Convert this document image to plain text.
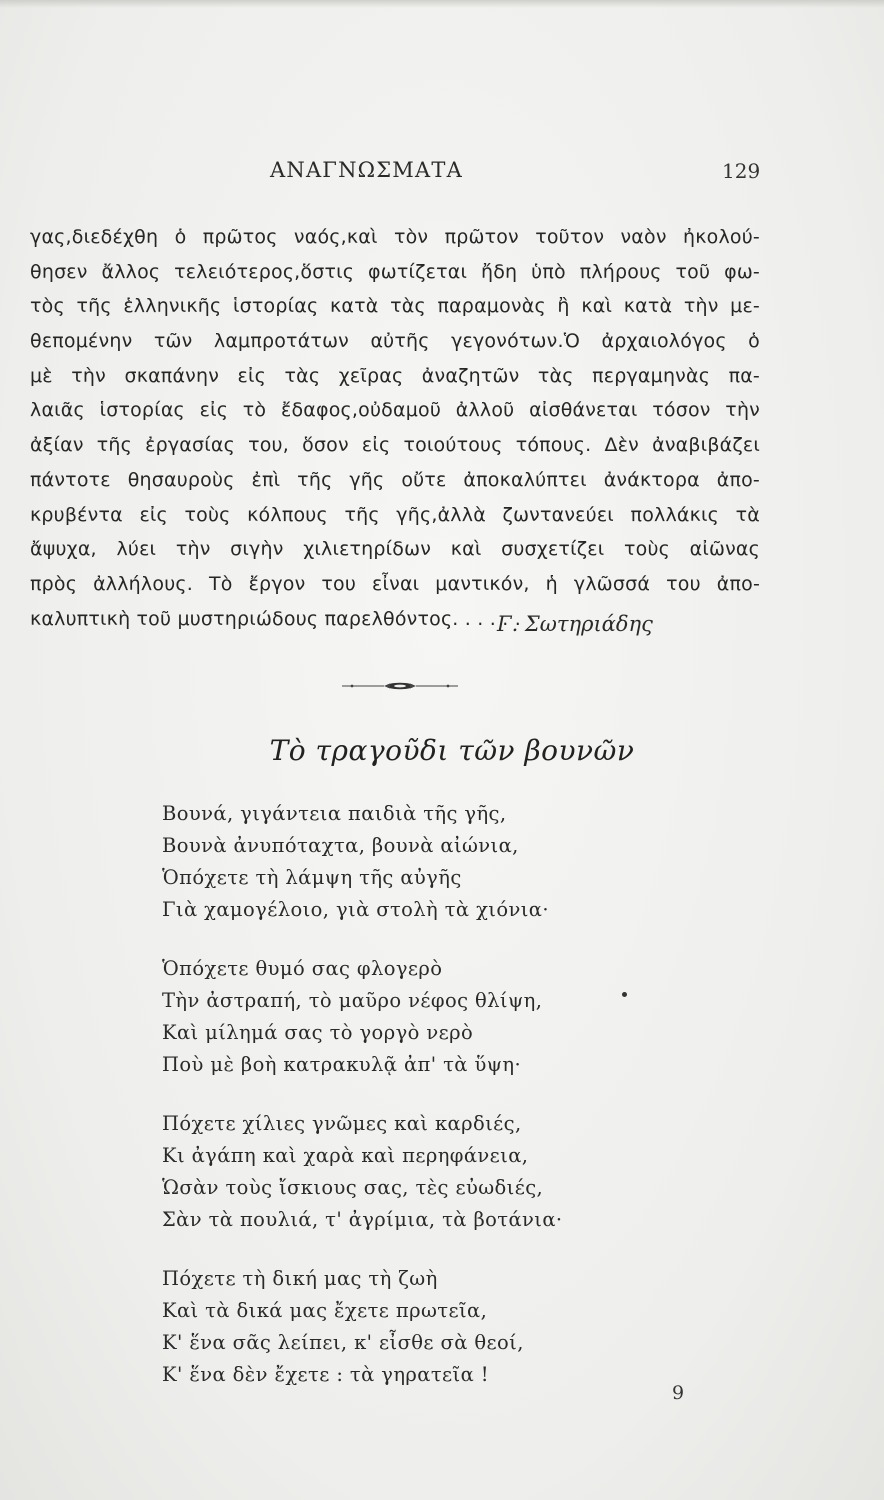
ΑΝΑΓΝΩΣΜΑΤΑ	129
γας,διεδέχθη ὁ πρῶτος ναός,καὶ τὸν πρῶτον τοῦτον ναὸν ἠκολού-
θησεν ἄλλος τελειότερος,ὅστις φωτίζεται ἤδη ὑπὸ πλήρους τοῦ φω-
τὸς τῆς ἑλληνικῆς ἱστορίας κατὰ τὰς παραμονὰς ἢ καὶ κατὰ τὴν με-
θεπομένην τῶν λαμπροτάτων αὐτῆς γεγονότων.Ὁ ἀρχαιολόγος ὁ
μὲ τὴν σκαπάνην εἰς τὰς χεῖρας ἀναζητῶν τὰς περγαμηνὰς πα-
λαιᾶς ἱστορίας εἰς τὸ ἔδαφος,οὐδαμοῦ ἀλλοῦ αἰσθάνεται τόσον τὴν
ἀξίαν τῆς ἐργασίας του, ὅσον εἰς τοιούτους τόπους. Δὲν ἀναβιβάζει
πάντοτε θησαυροὺς ἐπὶ τῆς γῆς οὔτε ἀποκαλύπτει ἀνάκτορα ἀπο-
κρυβέντα εἰς τοὺς κόλπους τῆς γῆς,ἀλλὰ ζωντανεύει πολλάκις τὰ
ἄψυχα, λύει τὴν σιγὴν χιλιετηρίδων καὶ συσχετίζει τοὺς αἰῶνας
πρὸς ἀλλήλους. Τὸ ἔργον του εἶναι μαντικόν, ἡ γλῶσσά του ἀπο-
καλυπτικὴ τοῦ μυστηριώδους παρελθόντος. . . . . .
Γ. Σωτηριάδης
Τὸ τραγοῦδι τῶν βουνῶν
Βουνά, γιγάντεια παιδιὰ τῆς γῆς,
Βουνὰ ἀνυπόταχτα, βουνὰ αἰώνια,
Ὁπόχετε τὴ λάμψη τῆς αὐγῆς
Γιὰ χαμογέλοιο, γιὰ στολὴ τὰ χιόνια·
Ὁπόχετε θυμό σας φλογερὸ
Τὴν ἀστραπή, τὸ μαῦρο νέφος θλίψη,
Καὶ μίλημά σας τὸ γοργὸ νερὸ
Ποὺ μὲ βοὴ κατρακυλᾷ ἀπ' τὰ ὕψη·
Πόχετε χίλιες γνῶμες καὶ καρδιές,
Κι ἀγάπη καὶ χαρὰ καὶ περηφάνεια,
Ὡσὰν τοὺς ἴσκιους σας, τὲς εὐωδιές,
Σὰν τὰ πουλιά, τ' ἀγρίμια, τὰ βοτάνια·
Πόχετε τὴ δική μας τὴ ζωὴ
Καὶ τὰ δικά μας ἔχετε πρωτεῖα,
Κ' ἕνα σᾶς λείπει, κ' εἶσθε σὰ θεοί,
Κ' ἕνα δὲν ἔχετε : τὰ γηρατεῖα !
9
